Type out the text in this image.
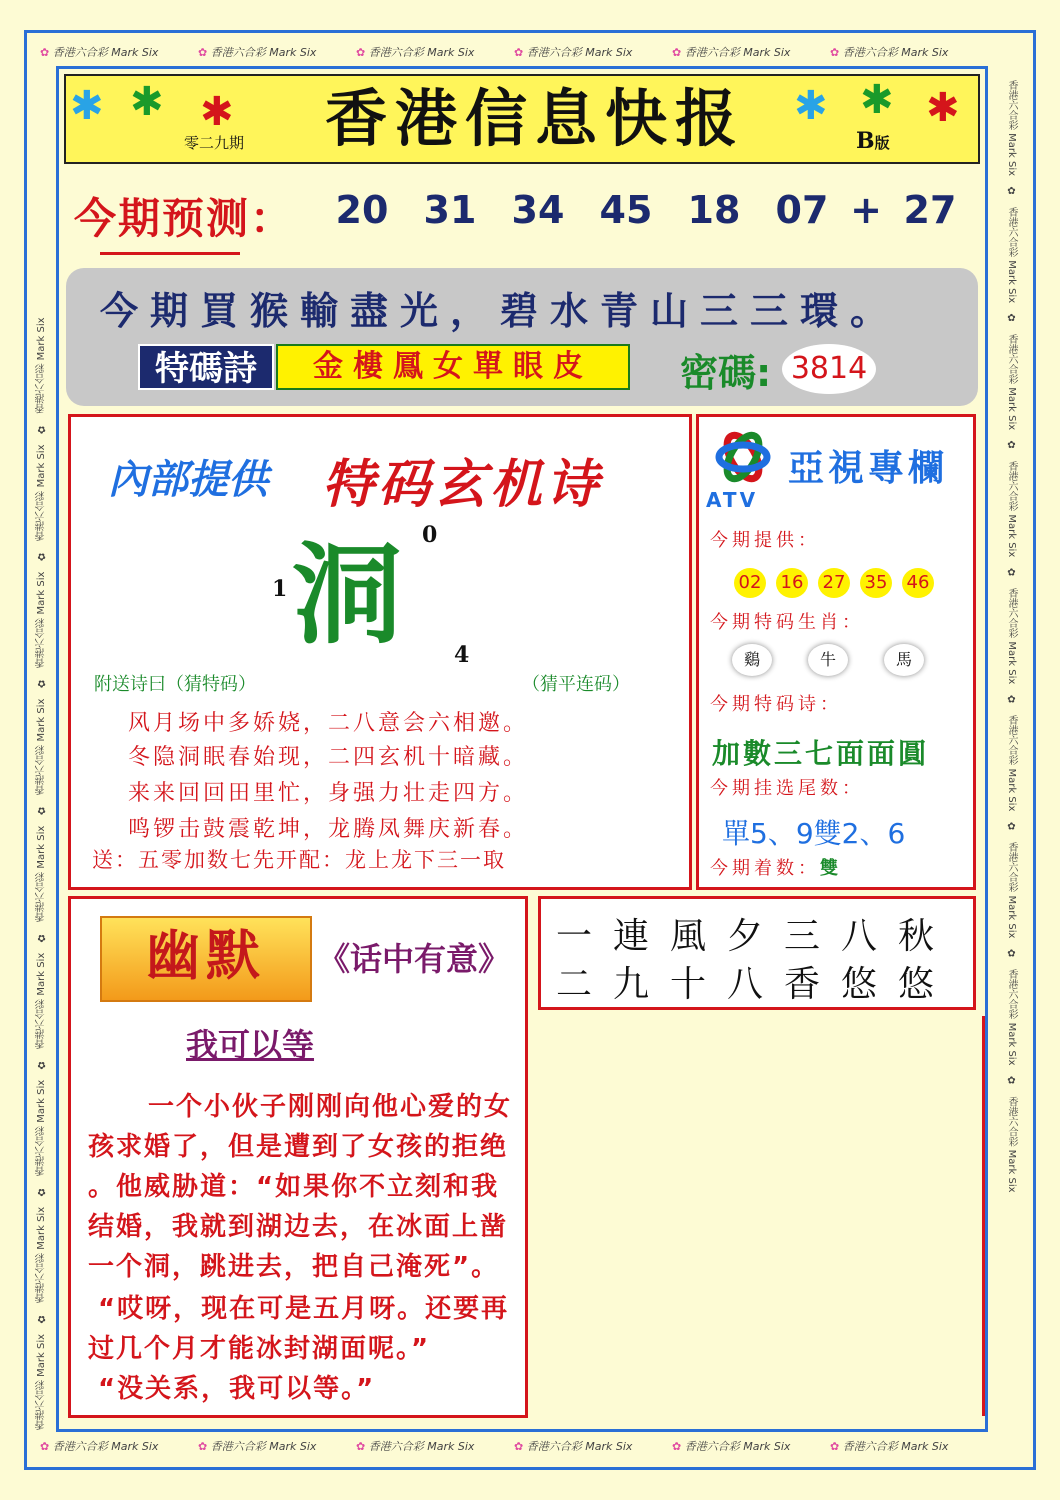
✿ 香港六合彩 Mark Six	✿ 香港六合彩 Mark Six	✿ 香港六合彩 Mark Six	✿ 香港六合彩 Mark Six	✿ 香港六合彩 Mark Six	✿ 香港六合彩 Mark Six
✿ 香港六合彩 Mark Six	✿ 香港六合彩 Mark Six	✿ 香港六合彩 Mark Six	✿ 香港六合彩 Mark Six	✿ 香港六合彩 Mark Six	✿ 香港六合彩 Mark Six
香港六合彩 Mark Six　✿　香港六合彩 Mark Six　✿　香港六合彩 Mark Six　✿　香港六合彩 Mark Six　✿　香港六合彩 Mark Six　✿　香港六合彩 Mark Six　✿　香港六合彩 Mark Six　✿　香港六合彩 Mark Six　✿　香港六合彩 Mark Six
香港六合彩 Mark Six　✿　香港六合彩 Mark Six　✿　香港六合彩 Mark Six　✿　香港六合彩 Mark Six　✿　香港六合彩 Mark Six　✿　香港六合彩 Mark Six　✿　香港六合彩 Mark Six　✿　香港六合彩 Mark Six　✿　香港六合彩 Mark Six
✱ ✱ ✱	✱ ✱ ✱
香港信息快报
零二九期	B版
今期预测：	20 31 34 45 18 07 + 27
今期買猴輸盡光，碧水青山三三環。
特碼詩	金樓鳳女單眼皮	密碼: 3814
內部提供 特码玄机诗
洞 0
1
4
附送诗曰（猜特码）	（猜平连码）
风月场中多娇娆，二八意会六相邀。
冬隐洞眠春始现，二四玄机十暗藏。
来来回回田里忙，身强力壮走四方。
鸣锣击鼓震乾坤，龙腾凤舞庆新春。
送：五零加数七先开配：龙上龙下三一取
ATV
亞視專欄
今期提供：
02 16 27 35 46
今期特码生肖：
鷄	牛	馬
今期特码诗：
加數三七面面圓
今期挂选尾数：
單5、9雙2、6
今期着数：雙
幽默	《话中有意》
我可以等
一个小伙子刚刚向他心爱的女
孩求婚了，但是遭到了女孩的拒绝
。他威胁道：“如果你不立刻和我
结婚，我就到湖边去，在冰面上凿
一个洞，跳进去，把自己淹死”。
“哎呀，现在可是五月呀。还要再
过几个月才能冰封湖面呢。”
“没关系，我可以等。”
一連風夕三八秋
二九十八香悠悠
